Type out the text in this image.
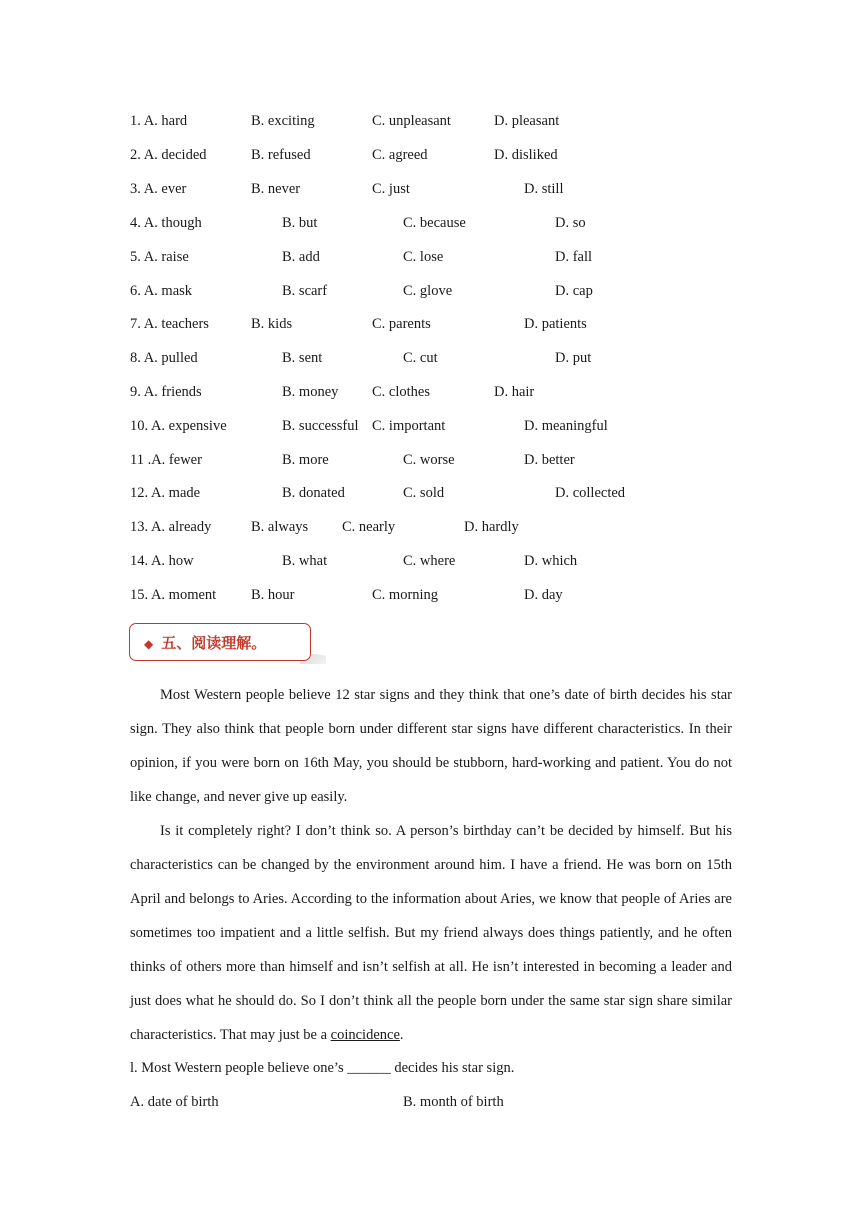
1. A. hard	B. exciting	C. unpleasant	D. pleasant
2. A. decided	B. refused	C. agreed	D. disliked
3. A. ever	B. never	C. just	D. still
4. A. though	B. but	C. because	D. so
5. A. raise	B. add	C. lose	D. fall
6. A. mask	B. scarf	C. glove	D. cap
7. A. teachers	B. kids	C. parents	D. patients
8. A. pulled	B. sent	C. cut	D. put
9. A. friends	B. money C. clothes	D. hair
10. A. expensive	B. successful C. important	D. meaningful
11 .A. fewer	B. more	C. worse	D. better
12. A. made	B. donated	C. sold	D. collected
13. A. already	B. always C. nearly	D. hardly
14. A. how	B. what	C. where	D. which
15. A. moment B. hour	C. morning	D. day
◆ 五、阅读理解。

Most Western people believe 12 star signs and they think that one’s date of birth decides his star sign. They also think that people born under different star signs have different characteristics. In their opinion, if you were born on 16th May, you should be stubborn, hard-working and patient. You do not like change, and never give up easily.

Is it completely right? I don’t think so. A person’s birthday can’t be decided by himself. But his characteristics can be changed by the environment around him. I have a friend. He was born on 15th April and belongs to Aries. According to the information about Aries, we know that people of Aries are sometimes too impatient and a little selfish. But my friend always does things patiently, and he often thinks of others more than himself and isn’t selfish at all. He isn’t interested in becoming a leader and just does what he should do. So I don’t think all the people born under the same star sign share similar characteristics. That may just be a coincidence.

l. Most Western people believe one’s ______ decides his star sign.
A. date of birth	B. month of birth
